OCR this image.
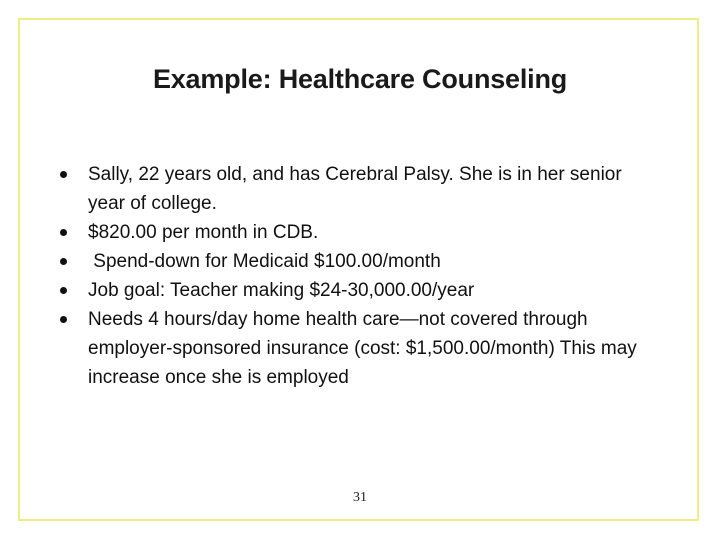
Example: Healthcare Counseling
Sally, 22 years old, and has Cerebral Palsy. She is in her senior year of college.
$820.00 per month in CDB.
Spend-down for Medicaid $100.00/month
Job goal: Teacher making $24-30,000.00/year
Needs 4 hours/day home health care—not covered through employer-sponsored insurance (cost: $1,500.00/month) This may increase once she is employed
31
